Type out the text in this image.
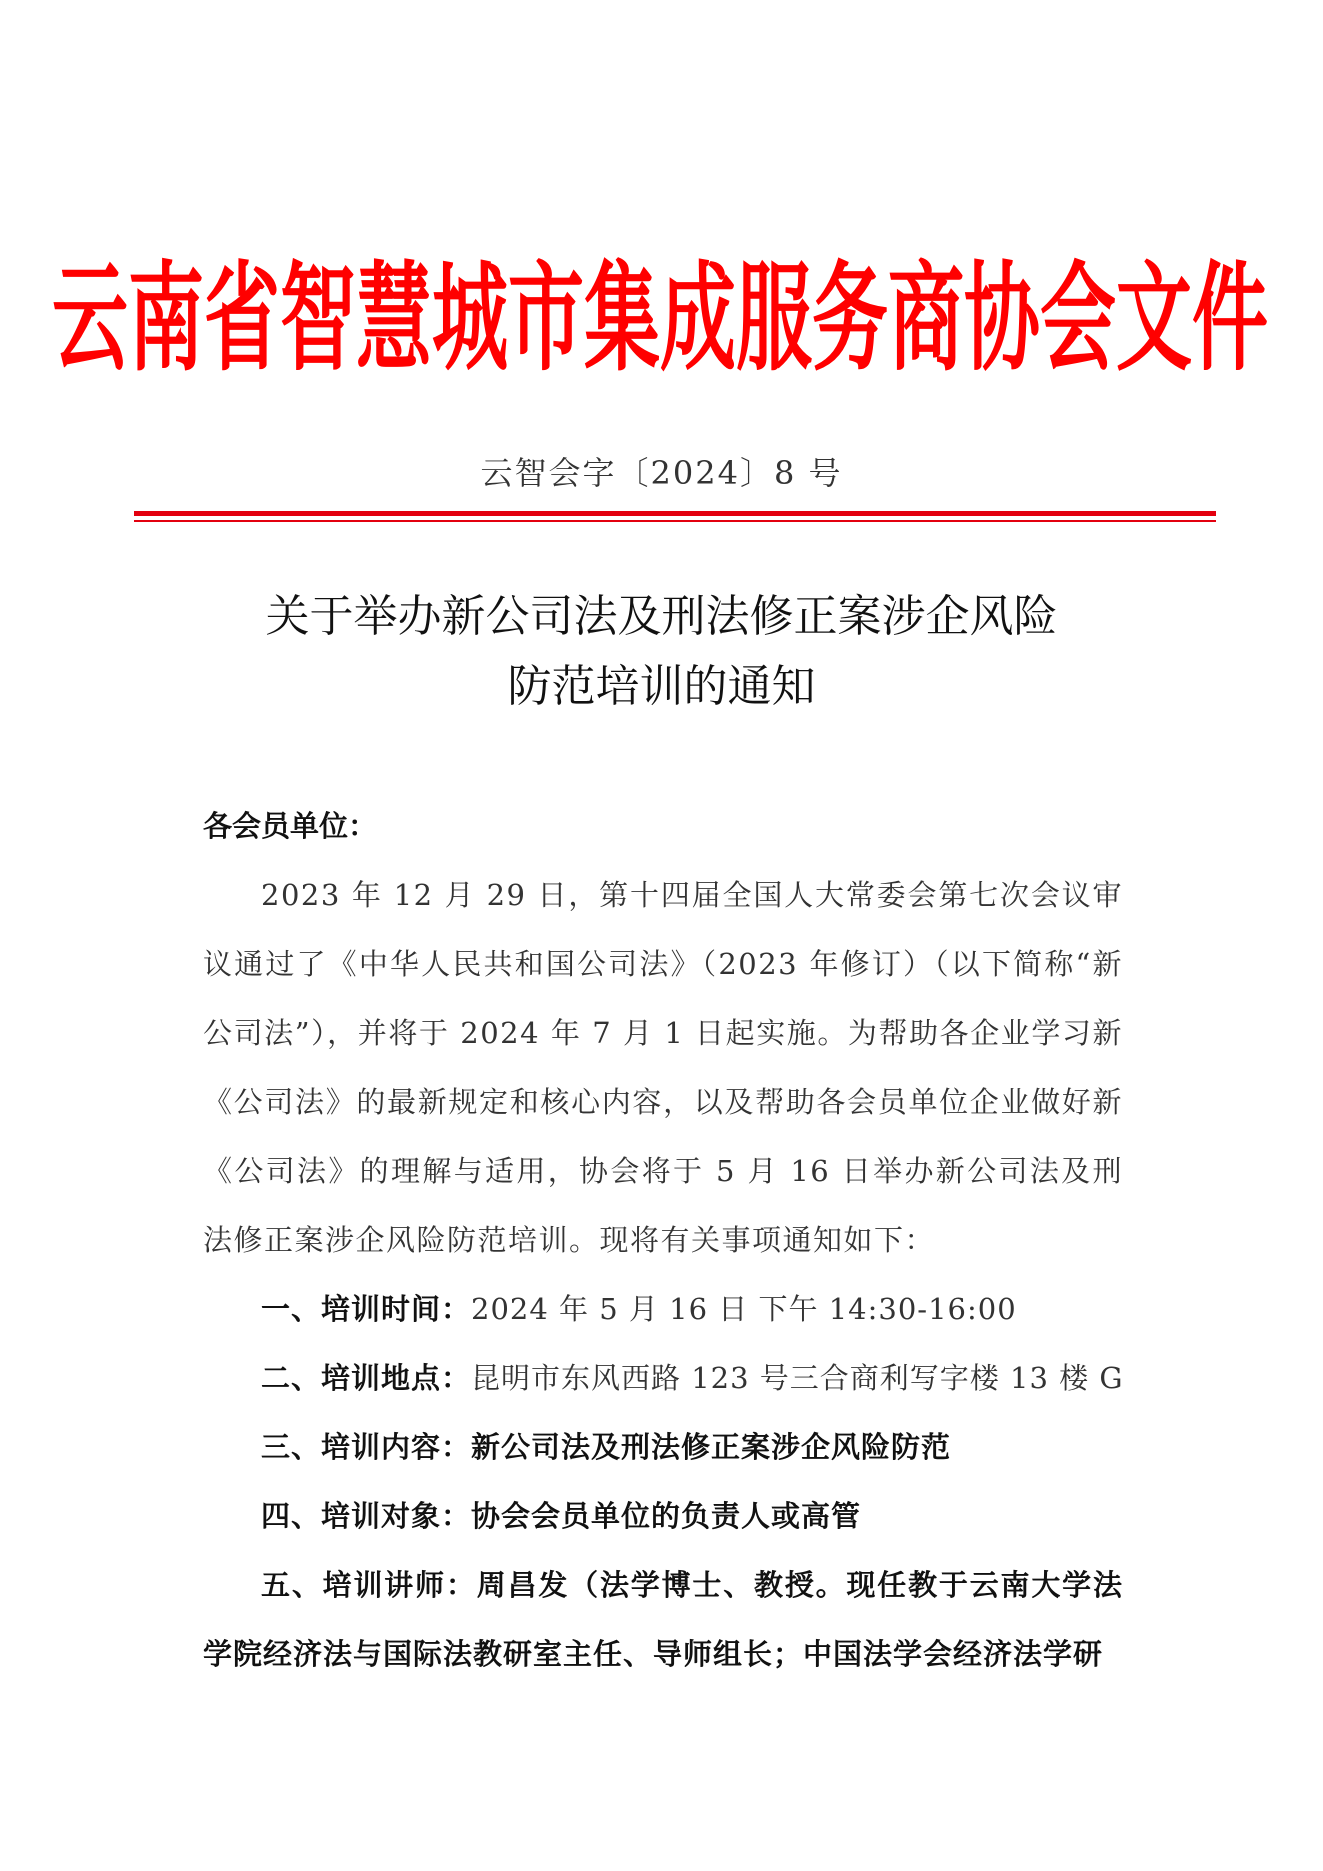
云南省智慧城市集成服务商协会文件
云智会字〔2024〕8 号
关于举办新公司法及刑法修正案涉企风险
防范培训的通知

各会员单位：

2023 年 12 月 29 日，第十四届全国人大常委会第七次会议审议通过了《中华人民共和国公司法》（2023 年修订）（以下简称“新公司法”），并将于 2024 年 7 月 1 日起实施。为帮助各企业学习新《公司法》的最新规定和核心内容，以及帮助各会员单位企业做好新《公司法》的理解与适用，协会将于 5 月 16 日举办新公司法及刑法修正案涉企风险防范培训。现将有关事项通知如下：

一、培训时间：2024 年 5 月 16 日 下午 14:30-16:00

二、培训地点：昆明市东风西路 123 号三合商利写字楼 13 楼 G

三、培训内容：新公司法及刑法修正案涉企风险防范

四、培训对象：协会会员单位的负责人或高管

五、培训讲师：周昌发（法学博士、教授。现任教于云南大学法学院经济法与国际法教研室主任、导师组长；中国法学会经济法学研
